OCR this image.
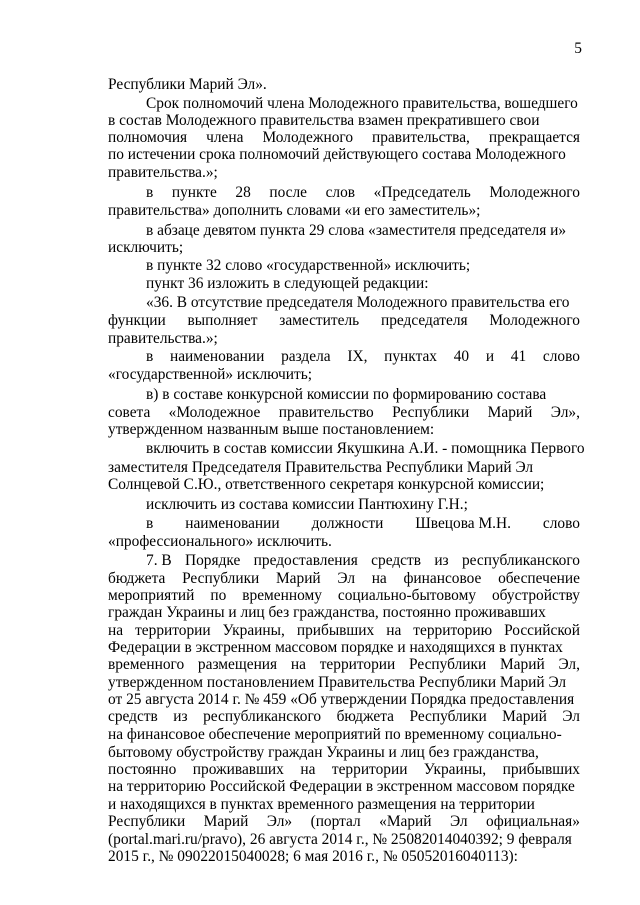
5
Республики Марий Эл».
Срок полномочий члена Молодежного правительства, вошедшего
в состав Молодежного правительства взамен прекратившего свои
полномочия члена Молодежного правительства, прекращается
по истечении срока полномочий действующего состава Молодежного
правительства.»;
в пункте 28 после слов «Председатель Молодежного
правительства» дополнить словами «и его заместитель»;
в абзаце девятом пункта 29 слова «заместителя председателя и»
исключить;
в пункте 32 слово «государственной» исключить;
пункт 36 изложить в следующей редакции:
«36. В отсутствие председателя Молодежного правительства его
функции выполняет заместитель председателя Молодежного
правительства.»;
в наименовании раздела IX, пунктах 40 и 41 слово
«государственной» исключить;
в) в составе конкурсной комиссии по формированию состава
совета «Молодежное правительство Республики Марий Эл»,
утвержденном названным выше постановлением:
включить в состав комиссии Якушкина А.И. - помощника Первого
заместителя Председателя Правительства Республики Марий Эл
Солнцевой С.Ю., ответственного секретаря конкурсной комиссии;
исключить из состава комиссии Пантюхину Г.Н.;
в наименовании должности Швецова М.Н. слово
«профессионального» исключить.
7. В Порядке предоставления средств из республиканского
бюджета Республики Марий Эл на финансовое обеспечение
мероприятий по временному социально-бытовому обустройству
граждан Украины и лиц без гражданства, постоянно проживавших
на территории Украины, прибывших на территорию Российской
Федерации в экстренном массовом порядке и находящихся в пунктах
временного размещения на территории Республики Марий Эл,
утвержденном постановлением Правительства Республики Марий Эл
от 25 августа 2014 г. № 459 «Об утверждении Порядка предоставления
средств из республиканского бюджета Республики Марий Эл
на финансовое обеспечение мероприятий по временному социально-
бытовому обустройству граждан Украины и лиц без гражданства,
постоянно проживавших на территории Украины, прибывших
на территорию Российской Федерации в экстренном массовом порядке
и находящихся в пунктах временного размещения на территории
Республики Марий Эл» (портал «Марий Эл официальная»
(portal.mari.ru/pravo), 26 августа 2014 г., № 25082014040392; 9 февраля
2015 г., № 09022015040028; 6 мая 2016 г., № 05052016040113):
